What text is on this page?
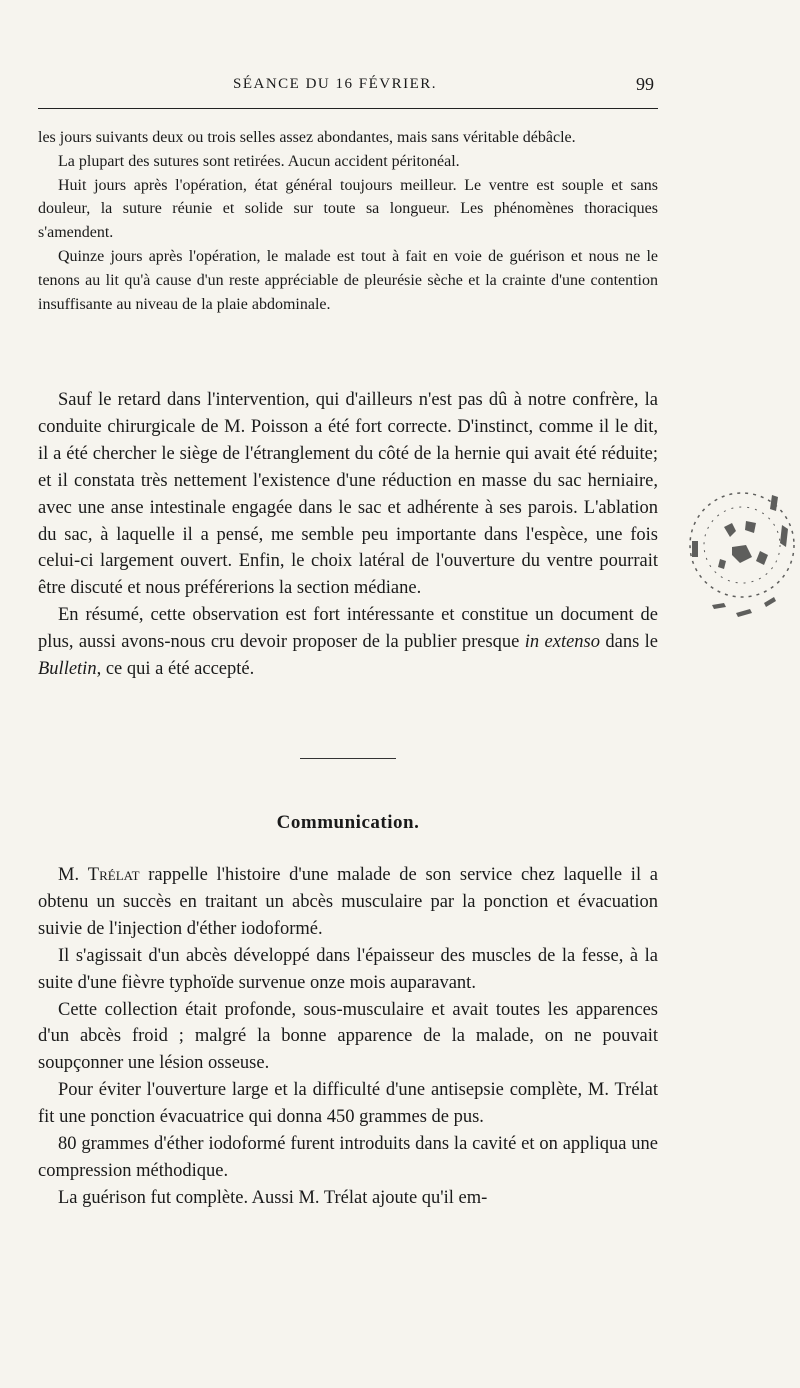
SÉANCE DU 16 FÉVRIER.	99

les jours suivants deux ou trois selles assez abondantes, mais sans véritable débâcle.

La plupart des sutures sont retirées. Aucun accident péritonéal.

Huit jours après l'opération, état général toujours meilleur. Le ventre est souple et sans douleur, la suture réunie et solide sur toute sa longueur. Les phénomènes thoraciques s'amendent.

Quinze jours après l'opération, le malade est tout à fait en voie de guérison et nous ne le tenons au lit qu'à cause d'un reste appréciable de pleurésie sèche et la crainte d'une contention insuffisante au niveau de la plaie abdominale.

Sauf le retard dans l'intervention, qui d'ailleurs n'est pas dû à notre confrère, la conduite chirurgicale de M. Poisson a été fort correcte. D'instinct, comme il le dit, il a été chercher le siège de l'étranglement du côté de la hernie qui avait été réduite; et il constata très nettement l'existence d'une réduction en masse du sac herniaire, avec une anse intestinale engagée dans le sac et adhérente à ses parois. L'ablation du sac, à laquelle il a pensé, me semble peu importante dans l'espèce, une fois celui-ci largement ouvert. Enfin, le choix latéral de l'ouverture du ventre pourrait être discuté et nous préférerions la section médiane.

En résumé, cette observation est fort intéressante et constitue un document de plus, aussi avons-nous cru devoir proposer de la publier presque in extenso dans le Bulletin, ce qui a été accepté.

Communication.

M. Trélat rappelle l'histoire d'une malade de son service chez laquelle il a obtenu un succès en traitant un abcès musculaire par la ponction et évacuation suivie de l'injection d'éther iodoformé.

Il s'agissait d'un abcès développé dans l'épaisseur des muscles de la fesse, à la suite d'une fièvre typhoïde survenue onze mois auparavant.

Cette collection était profonde, sous-musculaire et avait toutes les apparences d'un abcès froid ; malgré la bonne apparence de la malade, on ne pouvait soupçonner une lésion osseuse.

Pour éviter l'ouverture large et la difficulté d'une antisepsie complète, M. Trélat fit une ponction évacuatrice qui donna 450 grammes de pus.

80 grammes d'éther iodoformé furent introduits dans la cavité et on appliqua une compression méthodique.

La guérison fut complète. Aussi M. Trélat ajoute qu'il em-
